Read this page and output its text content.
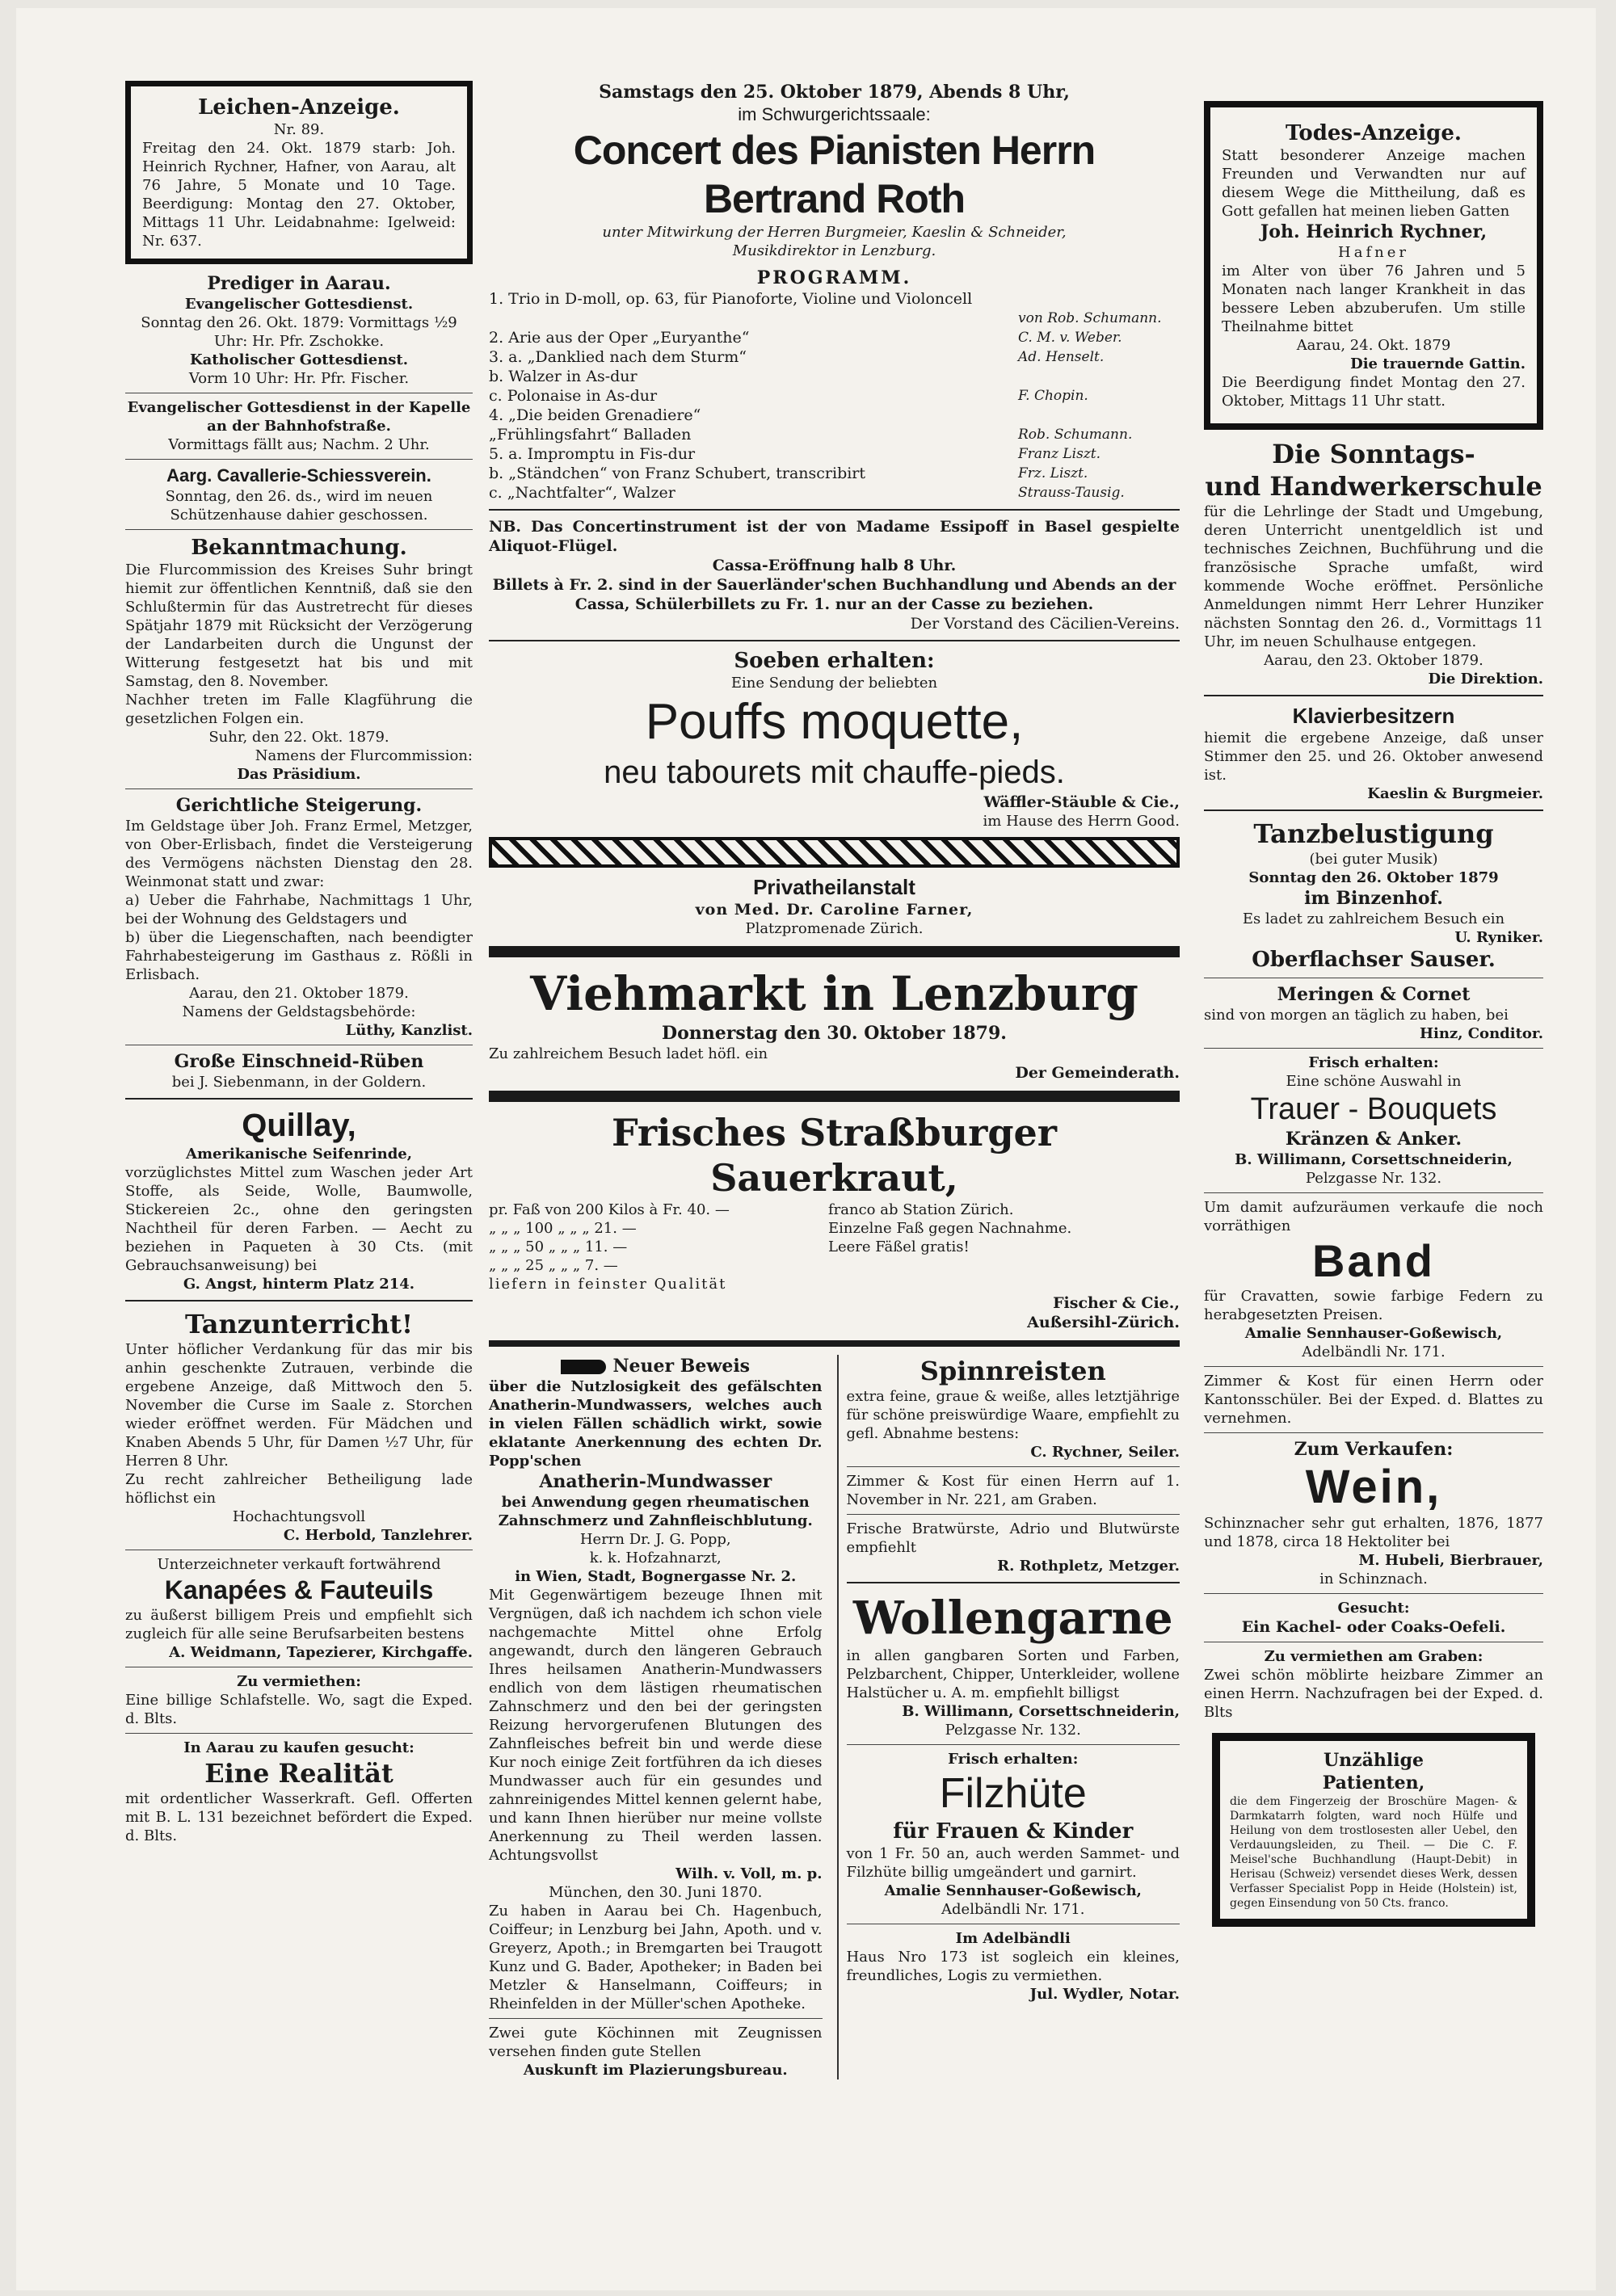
Leichen-Anzeige.

Nr. 89.

Freitag den 24. Okt. 1879 starb: Joh. Heinrich Rychner, Hafner, von Aarau, alt 76 Jahre, 5 Monate und 10 Tage. Beerdigung: Montag den 27. Oktober, Mittags 11 Uhr. Leidabnahme: Igelweid: Nr. 637.

Prediger in Aarau.

Evangelischer Gottesdienst.

Sonntag den 26. Okt. 1879: Vormittags ½9 Uhr: Hr. Pfr. Zschokke.

Katholischer Gottesdienst.

Vorm 10 Uhr: Hr. Pfr. Fischer.

Evangelischer Gottesdienst in der Kapelle an der Bahnhofstraße.

Vormittags fällt aus; Nachm. 2 Uhr.

Aarg. Cavallerie-Schiessverein.

Sonntag, den 26. ds., wird im neuen Schützenhause dahier geschossen.

Bekanntmachung.

Die Flurcommission des Kreises Suhr bringt hiemit zur öffentlichen Kenntniß, daß sie den Schlußtermin für das Austretrecht für dieses Spätjahr 1879 mit Rücksicht der Verzögerung der Landarbeiten durch die Ungunst der Witterung festgesetzt hat bis und mit Samstag, den 8. November.

Nachher treten im Falle Klagführung die gesetzlichen Folgen ein.

Suhr, den 22. Okt. 1879.

Namens der Flurcommission:

Das Präsidium.

Gerichtliche Steigerung.

Im Geldstage über Joh. Franz Ermel, Metzger, von Ober-Erlisbach, findet die Versteigerung des Vermögens nächsten Dienstag den 28. Weinmonat statt und zwar:

a) Ueber die Fahrhabe, Nachmittags 1 Uhr, bei der Wohnung des Geldstagers und

b) über die Liegenschaften, nach beendigter Fahrhabesteigerung im Gasthaus z. Rößli in Erlisbach.

Aarau, den 21. Oktober 1879.

Namens der Geldstagsbehörde:

Lüthy, Kanzlist.

Große Einschneid-Rüben

bei J. Siebenmann, in der Goldern.

Quillay,

Amerikanische Seifenrinde,

vorzüglichstes Mittel zum Waschen jeder Art Stoffe, als Seide, Wolle, Baumwolle, Stickereien 2c., ohne den geringsten Nachtheil für deren Farben. — Aecht zu beziehen in Paqueten à 30 Cts. (mit Gebrauchsanweisung) bei

G. Angst, hinterm Platz 214.

Tanzunterricht!

Unter höflicher Verdankung für das mir bis anhin geschenkte Zutrauen, verbinde die ergebene Anzeige, daß Mittwoch den 5. November die Curse im Saale z. Storchen wieder eröffnet werden. Für Mädchen und Knaben Abends 5 Uhr, für Damen ½7 Uhr, für Herren 8 Uhr.

Zu recht zahlreicher Betheiligung lade höflichst ein

Hochachtungsvoll

C. Herbold, Tanzlehrer.

Unterzeichneter verkauft fortwährend

Kanapées & Fauteuils

zu äußerst billigem Preis und empfiehlt sich zugleich für alle seine Berufsarbeiten bestens

A. Weidmann, Tapezierer, Kirchgaffe.

Zu vermiethen:

Eine billige Schlafstelle. Wo, sagt die Exped. d. Blts.

In Aarau zu kaufen gesucht:

Eine Realität

mit ordentlicher Wasserkraft. Gefl. Offerten mit B. L. 131 bezeichnet befördert die Exped. d. Blts.

Samstags den 25. Oktober 1879, Abends 8 Uhr,

im Schwurgerichtssaale:

Concert des Pianisten Herrn Bertrand Roth

unter Mitwirkung der Herren Burgmeier, Kaeslin & Schneider, Musikdirektor in Lenzburg.

PROGRAMM.

1. Trio in D-moll, op. 63, für Pianoforte, Violine und Violoncell
von Rob. Schumann.
2. Arie aus der Oper „Euryanthe“	C. M. v. Weber.
3. a. „Danklied nach dem Sturm“	Ad. Henselt.
b. Walzer in As-dur
c. Polonaise in As-dur	F. Chopin.
4. „Die beiden Grenadiere“
„Frühlingsfahrt“ Balladen	Rob. Schumann.
5. a. Impromptu in Fis-dur	Franz Liszt.
b. „Ständchen“ von Franz Schubert, transcribirt	Frz. Liszt.
c. „Nachtfalter“, Walzer	Strauss-Tausig.

NB. Das Concertinstrument ist der von Madame Essipoff in Basel gespielte Aliquot-Flügel.

Cassa-Eröffnung halb 8 Uhr.

Billets à Fr. 2. sind in der Sauerländer'schen Buchhandlung und Abends an der Cassa, Schülerbillets zu Fr. 1. nur an der Casse zu beziehen.

Der Vorstand des Cäcilien-Vereins.

Soeben erhalten:

Eine Sendung der beliebten

Pouffs moquette,

neu tabourets mit chauffe-pieds.

Wäffler-Stäuble & Cie.,

im Hause des Herrn Good.

Privatheilanstalt

von Med. Dr. Caroline Farner,

Platzpromenade Zürich.

Viehmarkt in Lenzburg

Donnerstag den 30. Oktober 1879.

Zu zahlreichem Besuch ladet höfl. ein

Der Gemeinderath.

Frisches Straßburger Sauerkraut,

pr. Faß von 200 Kilos à Fr. 40. —

„ „ „ 100 „ „ „ 21. —

„ „ „ 50 „ „ „ 11. —

„ „ „ 25 „ „ „ 7. —

franco ab Station Zürich.

Einzelne Faß gegen Nachnahme.

Leere Fäßel gratis!

liefern in feinster Qualität

Fischer & Cie.,

Außersihl-Zürich.

Neuer Beweis

über die Nutzlosigkeit des gefälschten Anatherin-Mundwassers, welches auch in vielen Fällen schädlich wirkt, sowie eklatante Anerkennung des echten Dr. Popp'schen

Anatherin-Mundwasser

bei Anwendung gegen rheumatischen Zahnschmerz und Zahnfleischblutung.

Herrn Dr. J. G. Popp,

k. k. Hofzahnarzt,

in Wien, Stadt, Bognergasse Nr. 2.

Mit Gegenwärtigem bezeuge Ihnen mit Vergnügen, daß ich nachdem ich schon viele nachgemachte Mittel ohne Erfolg angewandt, durch den längeren Gebrauch Ihres heilsamen Anatherin-Mundwassers endlich von dem lästigen rheumatischen Zahnschmerz und den bei der geringsten Reizung hervorgerufenen Blutungen des Zahnfleisches befreit bin und werde diese Kur noch einige Zeit fortführen da ich dieses Mundwasser auch für ein gesundes und zahnreinigendes Mittel kennen gelernt habe, und kann Ihnen hierüber nur meine vollste Anerkennung zu Theil werden lassen. Achtungsvollst

Wilh. v. Voll, m. p.

München, den 30. Juni 1870.

Zu haben in Aarau bei Ch. Hagenbuch, Coiffeur; in Lenzburg bei Jahn, Apoth. und v. Greyerz, Apoth.; in Bremgarten bei Traugott Kunz und G. Bader, Apotheker; in Baden bei Metzler & Hanselmann, Coiffeurs; in Rheinfelden in der Müller'schen Apotheke.

Zwei gute Köchinnen mit Zeugnissen versehen finden gute Stellen

Auskunft im Plazierungsbureau.

Spinnreisten

extra feine, graue & weiße, alles letztjährige für schöne preiswürdige Waare, empfiehlt zu gefl. Abnahme bestens:

C. Rychner, Seiler.

Zimmer & Kost für einen Herrn auf 1. November in Nr. 221, am Graben.

Frische Bratwürste, Adrio und Blutwürste empfiehlt

R. Rothpletz, Metzger.

Wollengarne

in allen gangbaren Sorten und Farben, Pelzbarchent, Chipper, Unterkleider, wollene Halstücher u. A. m. empfiehlt billigst

B. Willimann, Corsettschneiderin,

Pelzgasse Nr. 132.

Frisch erhalten:

Filzhüte

für Frauen & Kinder

von 1 Fr. 50 an, auch werden Sammet- und Filzhüte billig umgeändert und garnirt.

Amalie Sennhauser-Goßewisch,

Adelbändli Nr. 171.

Im Adelbändli

Haus Nro 173 ist sogleich ein kleines, freundliches, Logis zu vermiethen.

Jul. Wydler, Notar.

Todes-Anzeige.

Statt besonderer Anzeige machen Freunden und Verwandten nur auf diesem Wege die Mittheilung, daß es Gott gefallen hat meinen lieben Gatten

Joh. Heinrich Rychner,

Hafner

im Alter von über 76 Jahren und 5 Monaten nach langer Krankheit in das bessere Leben abzuberufen. Um stille Theilnahme bittet

Aarau, 24. Okt. 1879

Die trauernde Gattin.

Die Beerdigung findet Montag den 27. Oktober, Mittags 11 Uhr statt.

Die Sonntags-

und Handwerkerschule

für die Lehrlinge der Stadt und Umgebung, deren Unterricht unentgeldlich ist und technisches Zeichnen, Buchführung und die französische Sprache umfaßt, wird kommende Woche eröffnet. Persönliche Anmeldungen nimmt Herr Lehrer Hunziker nächsten Sonntag den 26. d., Vormittags 11 Uhr, im neuen Schulhause entgegen.

Aarau, den 23. Oktober 1879.

Die Direktion.

Klavierbesitzern

hiemit die ergebene Anzeige, daß unser Stimmer den 25. und 26. Oktober anwesend ist.

Kaeslin & Burgmeier.

Tanzbelustigung

(bei guter Musik)

Sonntag den 26. Oktober 1879

im Binzenhof.

Es ladet zu zahlreichem Besuch ein

U. Ryniker.

Oberflachser Sauser.

Meringen & Cornet

sind von morgen an täglich zu haben, bei

Hinz, Conditor.

Frisch erhalten:

Eine schöne Auswahl in

Trauer - Bouquets

Kränzen & Anker.

B. Willimann, Corsettschneiderin,

Pelzgasse Nr. 132.

Um damit aufzuräumen verkaufe die noch vorräthigen

Band

für Cravatten, sowie farbige Federn zu herabgesetzten Preisen.

Amalie Sennhauser-Goßewisch,

Adelbändli Nr. 171.

Zimmer & Kost für einen Herrn oder Kantonsschüler. Bei der Exped. d. Blattes zu vernehmen.

Zum Verkaufen:

Wein,

Schinznacher sehr gut erhalten, 1876, 1877 und 1878, circa 18 Hektoliter bei

M. Hubeli, Bierbrauer,

in Schinznach.

Gesucht:

Ein Kachel- oder Coaks-Oefeli.

Zu vermiethen am Graben:

Zwei schön möblirte heizbare Zimmer an einen Herrn. Nachzufragen bei der Exped. d. Blts

Unzählige

Patienten,

die dem Fingerzeig der Broschüre Magen- & Darmkatarrh folgten, ward noch Hülfe und Heilung von dem trostlosesten aller Uebel, den Verdauungsleiden, zu Theil. — Die C. F. Meisel'sche Buchhandlung (Haupt-Debit) in Herisau (Schweiz) versendet dieses Werk, dessen Verfasser Specialist Popp in Heide (Holstein) ist, gegen Einsendung von 50 Cts. franco.
